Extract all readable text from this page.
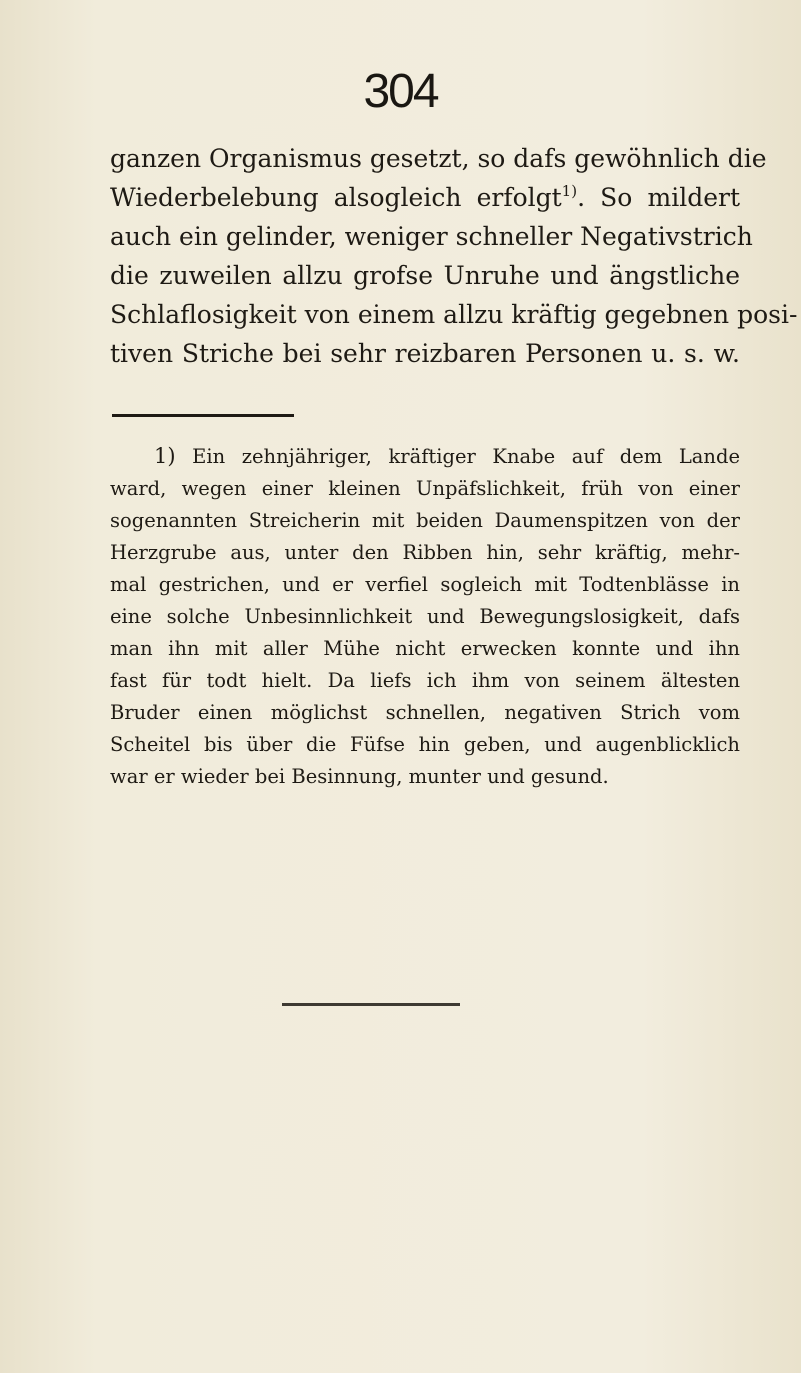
304
ganzen Organismus gesetzt, so dafs gewöhnlich die
Wiederbelebung alsogleich erfolgt$^{1)}$. So mildert
auch ein gelinder, weniger schneller Negativstrich
die zuweilen allzu grofse Unruhe und ängstliche
Schlaflosigkeit von einem allzu kräftig gegebnen posi-
tiven Striche bei sehr reizbaren Personen u. s. w.
1) Ein zehnjähriger, kräftiger Knabe auf dem Lande
ward, wegen einer kleinen Unpäfslichkeit, früh von einer
sogenannten Streicherin mit beiden Daumenspitzen von der
Herzgrube aus, unter den Ribben hin, sehr kräftig, mehr-
mal gestrichen, und er verfiel sogleich mit Todtenblässe in
eine solche Unbesinnlichkeit und Bewegungslosigkeit, dafs
man ihn mit aller Mühe nicht erwecken konnte und ihn
fast für todt hielt. Da liefs ich ihm von seinem ältesten
Bruder einen möglichst schnellen, negativen Strich vom
Scheitel bis über die Füfse hin geben, und augenblicklich
war er wieder bei Besinnung, munter und gesund.
